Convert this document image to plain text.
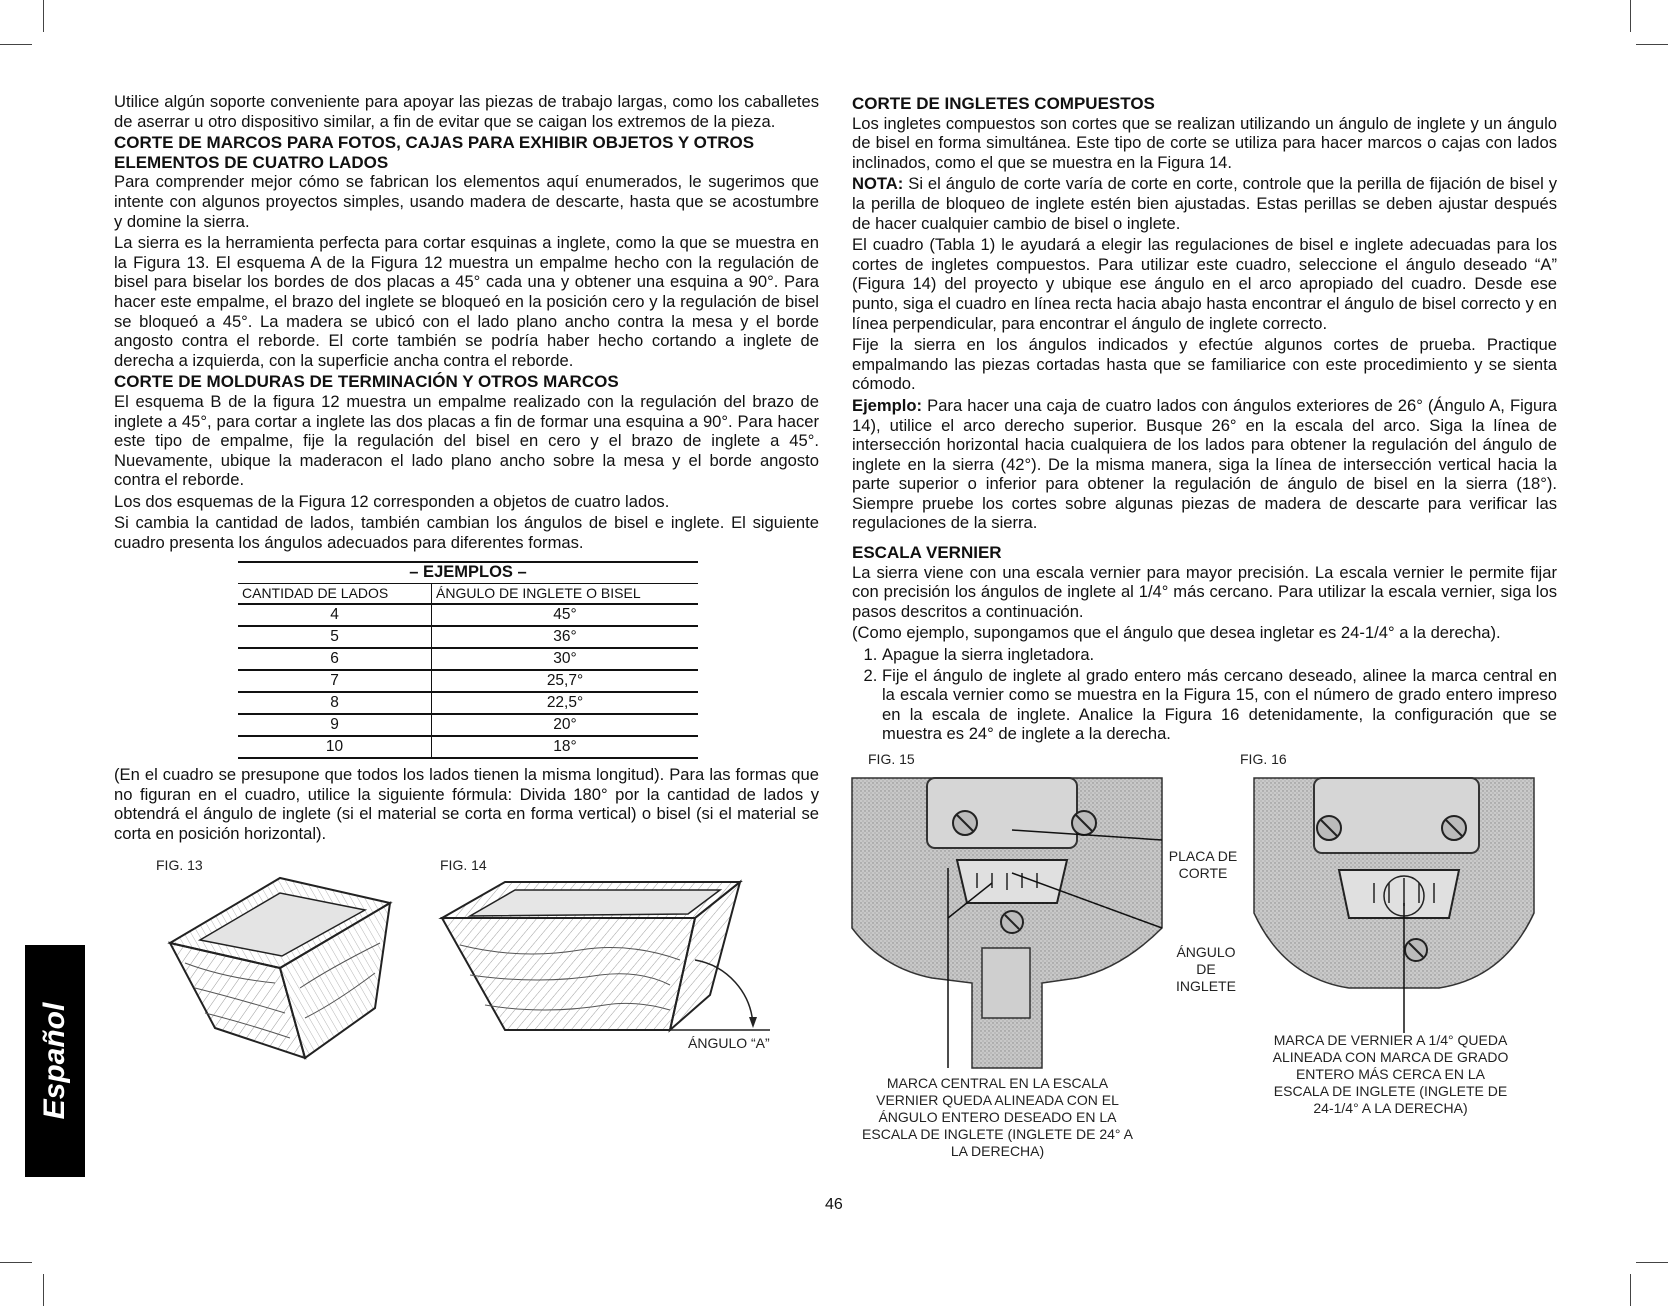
Utilice algún soporte conveniente para apoyar las piezas de trabajo largas, como los caballetes de aserrar u otro dispositivo similar, a fin de evitar que se caigan los extremos de la pieza.

CORTE DE MARCOS PARA FOTOS, CAJAS PARA EXHIBIR OBJETOS Y OTROS ELEMENTOS DE CUATRO LADOS

Para comprender mejor cómo se fabrican los elementos aquí enumerados, le sugerimos que intente con algunos proyectos simples, usando madera de descarte, hasta que se acostumbre y domine la sierra.

La sierra es la herramienta perfecta para cortar esquinas a inglete, como la que se muestra en la Figura 13. El esquema A de la Figura 12 muestra un empalme hecho con la regulación de bisel para biselar los bordes de dos placas a 45° cada una y obtener una esquina a 90°. Para hacer este empalme, el brazo del inglete se bloqueó en la posición cero y la regulación de bisel se bloqueó a 45°. La madera se ubicó con el lado plano ancho contra la mesa y el borde angosto contra el reborde. El corte también se podría haber hecho cortando a inglete de derecha a izquierda, con la superficie ancha contra el reborde.

CORTE DE MOLDURAS DE TERMINACIÓN Y OTROS MARCOS

El esquema B de la figura 12 muestra un empalme realizado con la regulación del brazo de inglete a 45°, para cortar a inglete las dos placas a fin de formar una esquina a 90°. Para hacer este tipo de empalme, fije la regulación del bisel en cero y el brazo de inglete a 45°. Nuevamente, ubique la maderacon el lado plano ancho sobre la mesa y el borde angosto contra el reborde.

Los dos esquemas de la Figura 12 corresponden a objetos de cuatro lados.

Si cambia la cantidad de lados, también cambian los ángulos de bisel e inglete. El siguiente cuadro presenta los ángulos adecuados para diferentes formas.

– EJEMPLOS –	
CANTIDAD DE LADOS	ÁNGULO DE INGLETE O BISEL
4	45°
5	36°
6	30°
7	25,7°
8	22,5°
9	20°
10	18°

(En el cuadro se presupone que todos los lados tienen la misma longitud). Para las formas que no figuran en el cuadro, utilice la siguiente fórmula: Divida 180° por la cantidad de lados y obtendrá el ángulo de inglete (si el material se corta en forma vertical) o bisel (si el material se corta en posición horizontal).

FIG. 13	FIG. 14
ÁNGULO “A”
CORTE DE INGLETES COMPUESTOS

Los ingletes compuestos son cortes que se realizan utilizando un ángulo de inglete y un ángulo de bisel en forma simultánea. Este tipo de corte se utiliza para hacer marcos o cajas con lados inclinados, como el que se muestra en la Figura 14.

NOTA: Si el ángulo de corte varía de corte en corte, controle que la perilla de fijación de bisel y la perilla de bloqueo de inglete estén bien ajustadas. Estas perillas se deben ajustar después de hacer cualquier cambio de bisel o inglete.

El cuadro (Tabla 1) le ayudará a elegir las regulaciones de bisel e inglete adecuadas para los cortes de ingletes compuestos. Para utilizar este cuadro, seleccione el ángulo deseado “A” (Figura 14) del proyecto y ubique ese ángulo en el arco apropiado del cuadro. Desde ese punto, siga el cuadro en línea recta hacia abajo hasta encontrar el ángulo de bisel correcto y en línea perpendicular, para encontrar el ángulo de inglete correcto.

Fije la sierra en los ángulos indicados y efectúe algunos cortes de prueba. Practique empalmando las piezas cortadas hasta que se familiarice con este procedimiento y se sienta cómodo.

Ejemplo: Para hacer una caja de cuatro lados con ángulos exteriores de 26° (Ángulo A, Figura 14), utilice el arco derecho superior. Busque 26° en la escala del arco. Siga la línea de intersección horizontal hacia cualquiera de los lados para obtener la regulación del ángulo de inglete en la sierra (42°). De la misma manera, siga la línea de intersección vertical hacia la parte superior o inferior para obtener la regulación de ángulo de bisel en la sierra (18°). Siempre pruebe los cortes sobre algunas piezas de madera de descarte para verificar las regulaciones de la sierra.

ESCALA VERNIER

La sierra viene con una escala vernier para mayor precisión. La escala vernier le permite fijar con precisión los ángulos de inglete al 1/4° más cercano. Para utilizar la escala vernier, siga los pasos descritos a continuación.

(Como ejemplo, supongamos que el ángulo que desea ingletar es 24-1/4° a la derecha).

1. Apague la sierra ingletadora.
2. Fije el ángulo de inglete al grado entero más cercano deseado, alinee la marca central en la escala vernier como se muestra en la Figura 15, con el número de grado entero impreso en la escala de inglete. Analice la Figura 16 detenidamente, la configuración que se muestra es 24° de inglete a la derecha.
FIG. 15	FIG. 16
PLACA DE CORTE
ÁNGULO DE INGLETE
MARCA CENTRAL EN LA ESCALA VERNIER QUEDA ALINEADA CON EL ÁNGULO ENTERO DESEADO EN LA ESCALA DE INGLETE (INGLETE DE 24° A LA DERECHA)
MARCA DE VERNIER A 1/4° QUEDA ALINEADA CON MARCA DE GRADO ENTERO MÁS CERCA EN LA ESCALA DE INGLETE (INGLETE DE 24-1/4° A LA DERECHA)
Español
46
